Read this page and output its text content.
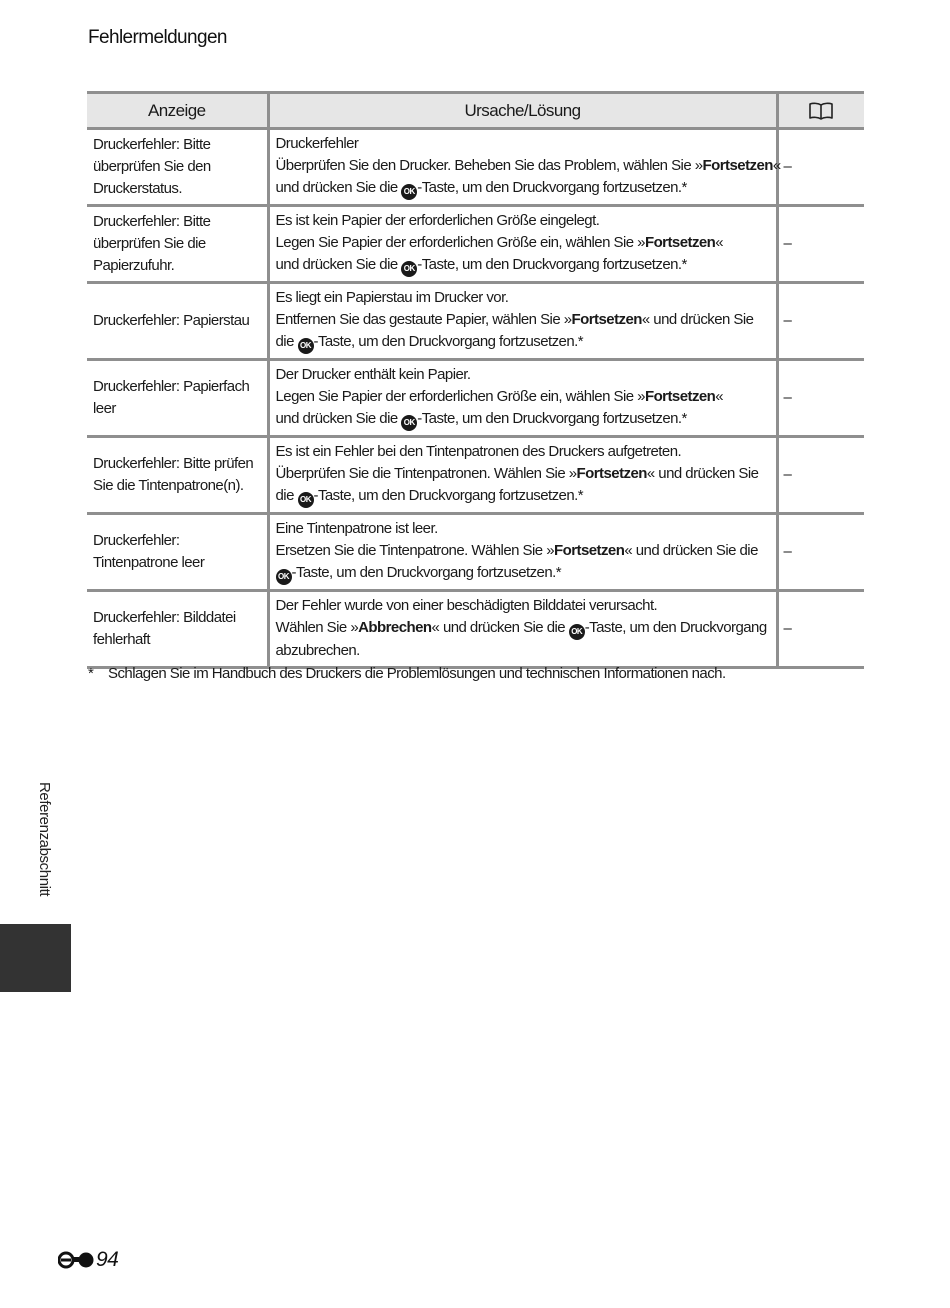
Fehlermeldungen
Anzeige	Ursache/Lösung	

Druckerfehler: Bitte
überprüfen Sie den
Druckerstatus.	Druckerfehler
Überprüfen Sie den Drucker. Beheben Sie das Problem, wählen Sie »Fortsetzen«
und drücken Sie die OK -Taste, um den Druckvorgang fortzusetzen.*	–

Druckerfehler: Bitte
überprüfen Sie die
Papierzufuhr.	Es ist kein Papier der erforderlichen Größe eingelegt.
Legen Sie Papier der erforderlichen Größe ein, wählen Sie »Fortsetzen«
und drücken Sie die OK -Taste, um den Druckvorgang fortzusetzen.*	–

Druckerfehler: Papierstau	Es liegt ein Papierstau im Drucker vor.
Entfernen Sie das gestaute Papier, wählen Sie »Fortsetzen« und drücken Sie
die OK -Taste, um den Druckvorgang fortzusetzen.*	–

Druckerfehler: Papierfach
leer	Der Drucker enthält kein Papier.
Legen Sie Papier der erforderlichen Größe ein, wählen Sie »Fortsetzen«
und drücken Sie die OK -Taste, um den Druckvorgang fortzusetzen.*	–

Druckerfehler: Bitte prüfen
Sie die Tintenpatrone(n).	Es ist ein Fehler bei den Tintenpatronen des Druckers aufgetreten.
Überprüfen Sie die Tintenpatronen. Wählen Sie »Fortsetzen« und drücken Sie
die OK -Taste, um den Druckvorgang fortzusetzen.*	–

Druckerfehler:
Tintenpatrone leer	Eine Tintenpatrone ist leer.
Ersetzen Sie die Tintenpatrone. Wählen Sie »Fortsetzen« und drücken Sie die
OK -Taste, um den Druckvorgang fortzusetzen.*	–

Druckerfehler: Bilddatei
fehlerhaft	Der Fehler wurde von einer beschädigten Bilddatei verursacht.
Wählen Sie »Abbrechen« und drücken Sie die OK -Taste, um den Druckvorgang
abzubrechen.	–
* Schlagen Sie im Handbuch des Druckers die Problemlösungen und technischen Informationen nach.
Referenzabschnitt
94
